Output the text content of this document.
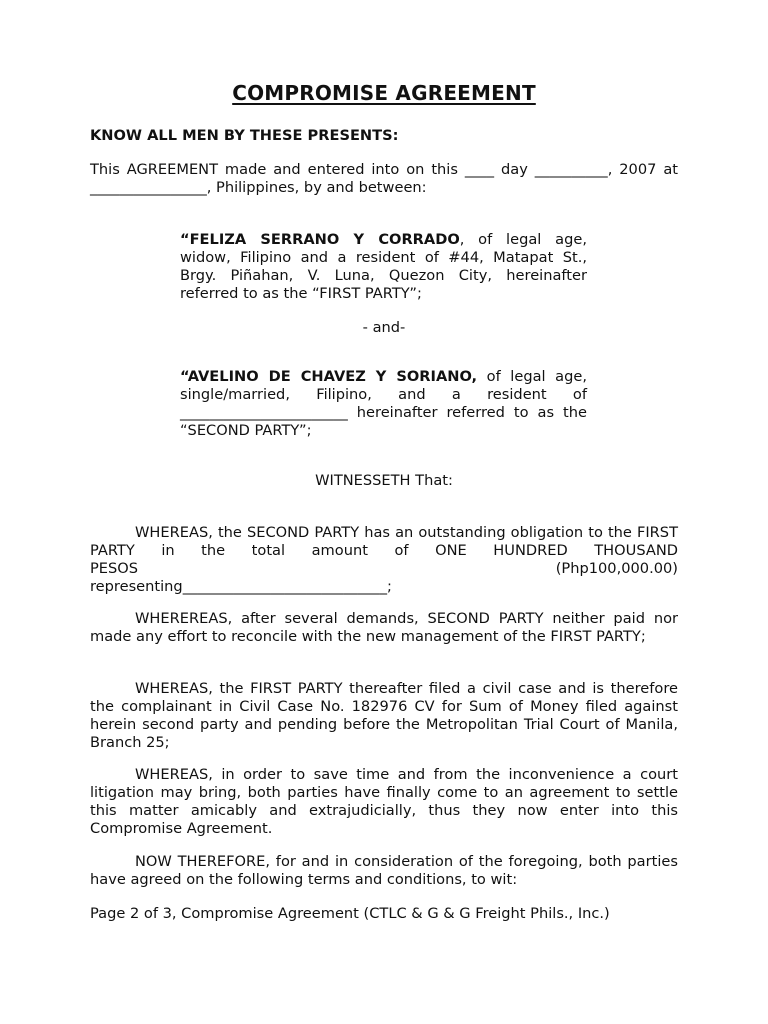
COMPROMISE AGREEMENT
KNOW ALL MEN BY THESE PRESENTS:

This AGREEMENT made and entered into on this ____ day __________, 2007 at ________________, Philippines, by and between:

“FELIZA SERRANO Y CORRADO, of legal age, widow, Filipino and a resident of #44, Matapat St., Brgy. Piñahan, V. Luna, Quezon City, hereinafter referred to as the “FIRST PARTY”;

- and-

“AVELINO DE CHAVEZ Y SORIANO, of legal age, single/married, Filipino, and a resident of _______________________ hereinafter referred to as the “SECOND PARTY”;

WITNESSETH That:

WHEREAS, the SECOND PARTY has an outstanding obligation to the FIRST PARTY in the total amount of ONE HUNDRED THOUSAND
PESOS	(Php100,000.00)
representing____________________________;

WHEREREAS, after several demands, SECOND PARTY neither paid nor made any effort to reconcile with the new management of the FIRST PARTY;

WHEREAS, the FIRST PARTY thereafter filed a civil case and is therefore the complainant in Civil Case No. 182976 CV for Sum of Money filed against herein second party and pending before the Metropolitan Trial Court of Manila, Branch 25;

WHEREAS, in order to save time and from the inconvenience a court litigation may bring, both parties have finally come to an agreement to settle this matter amicably and extrajudicially, thus they now enter into this Compromise Agreement.

NOW THEREFORE, for and in consideration of the foregoing, both parties have agreed on the following terms and conditions, to wit:

Page 2 of 3, Compromise Agreement (CTLC & G & G Freight Phils., Inc.)
